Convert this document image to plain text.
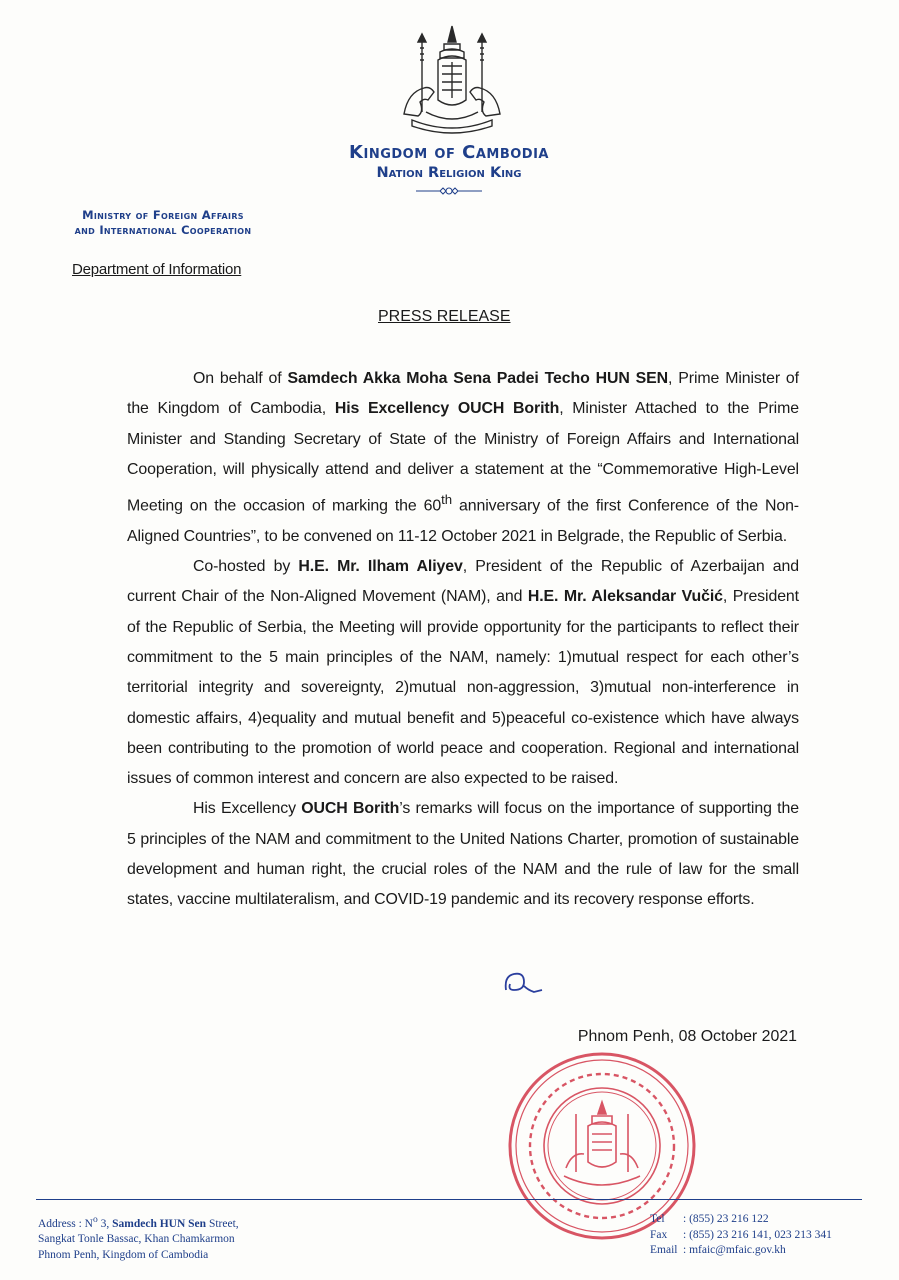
Kingdom of Cambodia
Nation Religion King
Ministry of Foreign Affairs
and International Cooperation
Department of Information
PRESS RELEASE

On behalf of Samdech Akka Moha Sena Padei Techo HUN SEN, Prime Minister of the Kingdom of Cambodia, His Excellency OUCH Borith, Minister Attached to the Prime Minister and Standing Secretary of State of the Ministry of Foreign Affairs and International Cooperation, will physically attend and deliver a statement at the “Commemorative High-Level Meeting on the occasion of marking the 60th anniversary of the first Conference of the Non-Aligned Countries”, to be convened on 11-12 October 2021 in Belgrade, the Republic of Serbia.

Co-hosted by H.E. Mr. Ilham Aliyev, President of the Republic of Azerbaijan and current Chair of the Non-Aligned Movement (NAM), and H.E. Mr. Aleksandar Vučić, President of the Republic of Serbia, the Meeting will provide opportunity for the participants to reflect their commitment to the 5 main principles of the NAM, namely: 1)mutual respect for each other’s territorial integrity and sovereignty, 2)mutual non-aggression, 3)mutual non-interference in domestic affairs, 4)equality and mutual benefit and 5)peaceful co-existence which have always been contributing to the promotion of world peace and cooperation. Regional and international issues of common interest and concern are also expected to be raised.

His Excellency OUCH Borith’s remarks will focus on the importance of supporting the 5 principles of the NAM and commitment to the United Nations Charter, promotion of sustainable development and human right, the crucial roles of the NAM and the rule of law for the small states, vaccine multilateralism, and COVID-19 pandemic and its recovery response efforts.

Phnom Penh, 08 October 2021
Address : $N^o$ 3, Samdech HUN Sen Street,
Sangkat Tonle Bassac, Khan Chamkarmon
Phnom Penh, Kingdom of Cambodia
Tel	: (855) 23 216 122
Fax	: (855) 23 216 141, 023 213 341
Email : mfaic@mfaic.gov.kh
